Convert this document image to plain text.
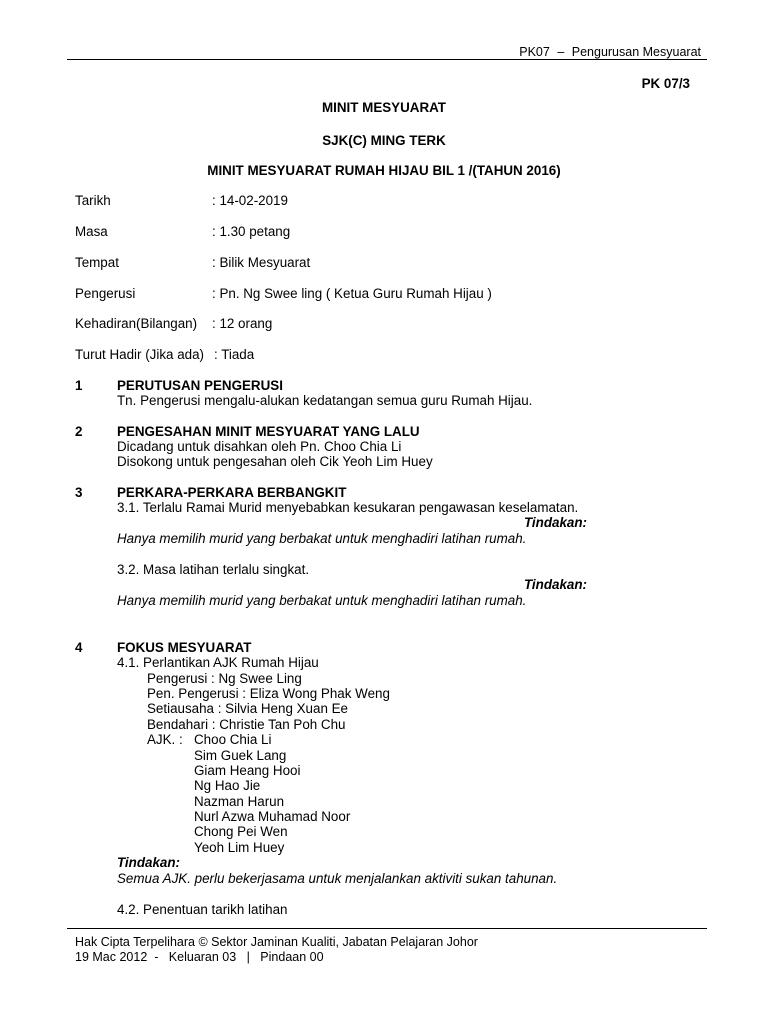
PK07 – Pengurusan Mesyuarat
PK 07/3
MINIT MESYUARAT
SJK(C) MING TERK
MINIT MESYUARAT RUMAH HIJAU BIL 1 /(TAHUN 2016)
Tarikh	: 14-02-2019
Masa	: 1.30 petang
Tempat	: Bilik Mesyuarat
Pengerusi	: Pn. Ng Swee ling ( Ketua Guru Rumah Hijau )
Kehadiran(Bilangan) : 12 orang
Turut Hadir (Jika ada) : Tiada
1	PERUTUSAN PENGERUSI
Tn. Pengerusi mengalu-alukan kedatangan semua guru Rumah Hijau.
2	PENGESAHAN MINIT MESYUARAT YANG LALU
Dicadang untuk disahkan oleh Pn. Choo Chia Li
Disokong untuk pengesahan oleh Cik Yeoh Lim Huey
3	PERKARA-PERKARA BERBANGKIT
3.1. Terlalu Ramai Murid menyebabkan kesukaran pengawasan keselamatan.
Tindakan:
Hanya memilih murid yang berbakat untuk menghadiri latihan rumah.
3.2. Masa latihan terlalu singkat.
Tindakan:
Hanya memilih murid yang berbakat untuk menghadiri latihan rumah.
4	FOKUS MESYUARAT
4.1. Perlantikan AJK Rumah Hijau
Pengerusi : Ng Swee Ling
Pen. Pengerusi : Eliza Wong Phak Weng
Setiausaha : Silvia Heng Xuan Ee
Bendahari : Christie Tan Poh Chu
AJK. : Choo Chia Li
Sim Guek Lang
Giam Heang Hooi
Ng Hao Jie
Nazman Harun
Nurl Azwa Muhamad Noor
Chong Pei Wen
Yeoh Lim Huey
Tindakan:
Semua AJK. perlu bekerjasama untuk menjalankan aktiviti sukan tahunan.
4.2. Penentuan tarikh latihan
Hak Cipta Terpelihara © Sektor Jaminan Kualiti, Jabatan Pelajaran Johor
19 Mac 2012  -   Keluaran 03   |   Pindaan 00
